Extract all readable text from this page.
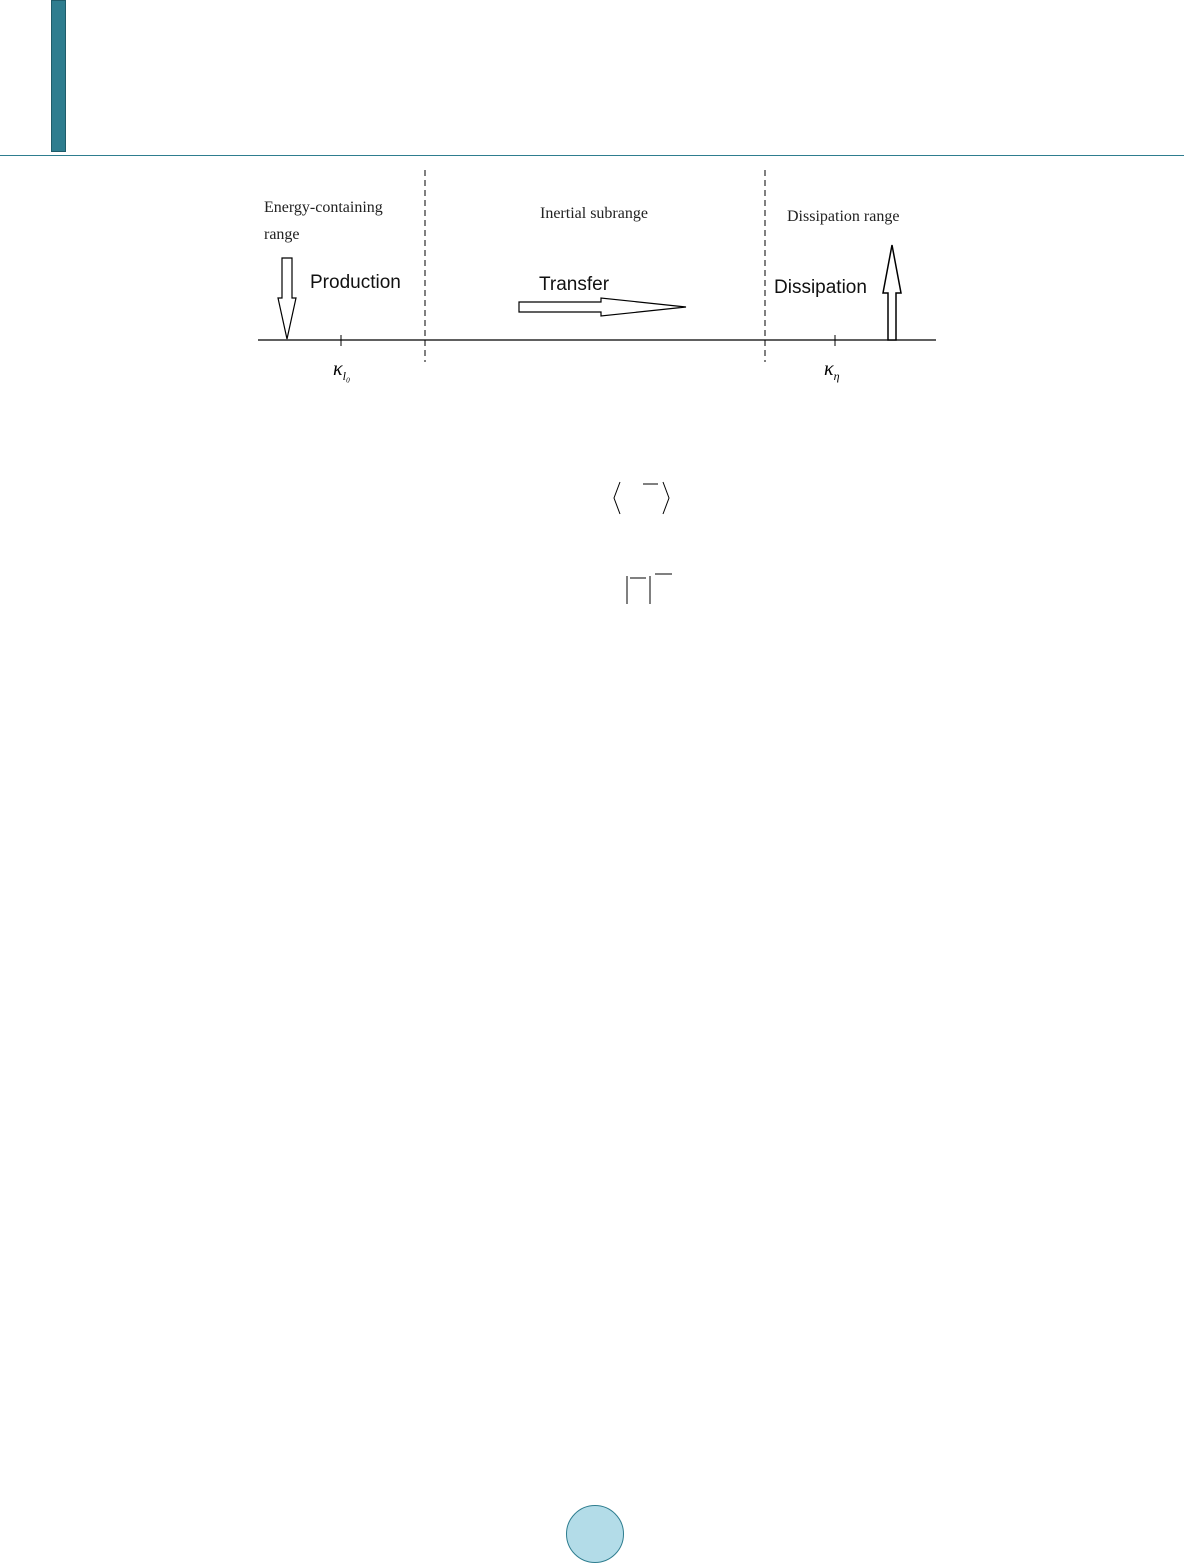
Energy-containing
range
Inertial subrange	Dissipation range
Production	Transfer	Dissipation
$\kappa_{l_0}$	$\kappa_\eta$
